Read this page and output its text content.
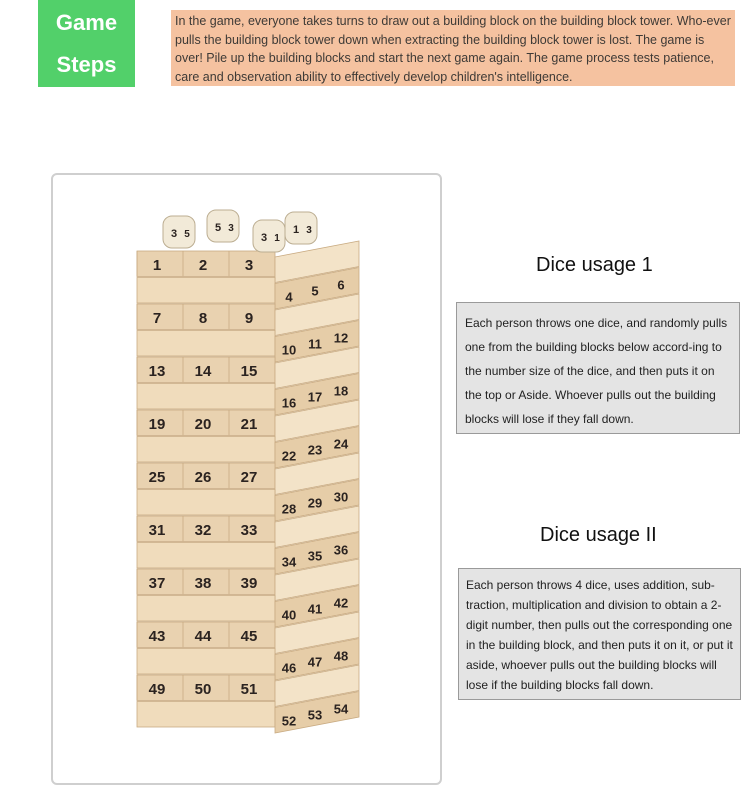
Game
Steps
In the game, everyone takes turns to draw out a building block on the building block tower. Who-ever pulls the building block tower down when extracting the building block tower is lost. The game is over! Pile up the building blocks and start the next game again. The game process tests patience, care and observation ability to effectively develop children's intelligence.
1	2	3
4 5 6
7	8	9
10 11 12
13 14 15
16 17 18
19 20 21
22 23 24
25 26 27
28 29 30
31 32 33
34 35 36
37 38 39
40 41 42
43 44 45
46 47 48
49 50 51
52 53 54
3 5
5 3
3 1
1 3
Dice usage 1

Each person throws one dice, and randomly pulls one from the building blocks below accord-ing to the number size of the dice, and then puts it on the top or Aside. Whoever pulls out the building blocks will lose if they fall down.

Dice usage II

Each person throws 4 dice, uses addition, sub-traction, multiplication and division to obtain a 2-digit number, then pulls out the corresponding one in the building block, and then puts it on it, or put it aside, whoever pulls out the building blocks will lose if the building blocks fall down.
